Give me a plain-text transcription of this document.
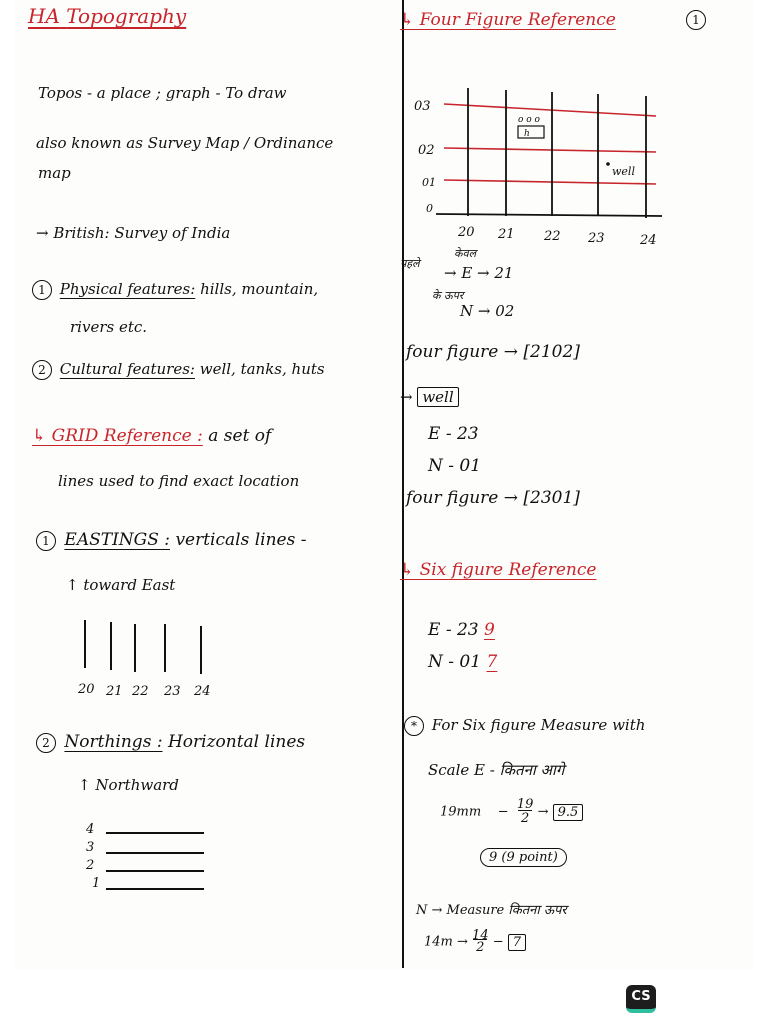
HA Topography
Topos - a place ; graph - To draw
also known as Survey Map / Ordinance
map
→ British: Survey of India
1 Physical features: hills, mountain,
rivers etc.
2 Cultural features: well, tanks, huts
↳ GRID Reference : a set of
lines used to find exact location
1 EASTINGS : verticals lines -
↑ toward East
20 21 22 23 24
2 Northings : Horizontal lines
↑ Northward
4
3
2
1
↳ Four Figure Reference	1
o o o
h
well
03
02
01
0
20 21 22 23	24
पहले
केवल
→ E → 21
के ऊपर
N → 02
four figure → [2102]
→ well
E - 23
N - 01
four figure → [2301]
↳ Six figure Reference
E - 23 9
N - 01 7
* For Six figure Measure with
Scale E - कितना आगे
19mm    −  $\frac{19}{2} \to 9.5$
9 (9 point)
N → Measure कितना ऊपर
14m → 14
2 − 7
CS
